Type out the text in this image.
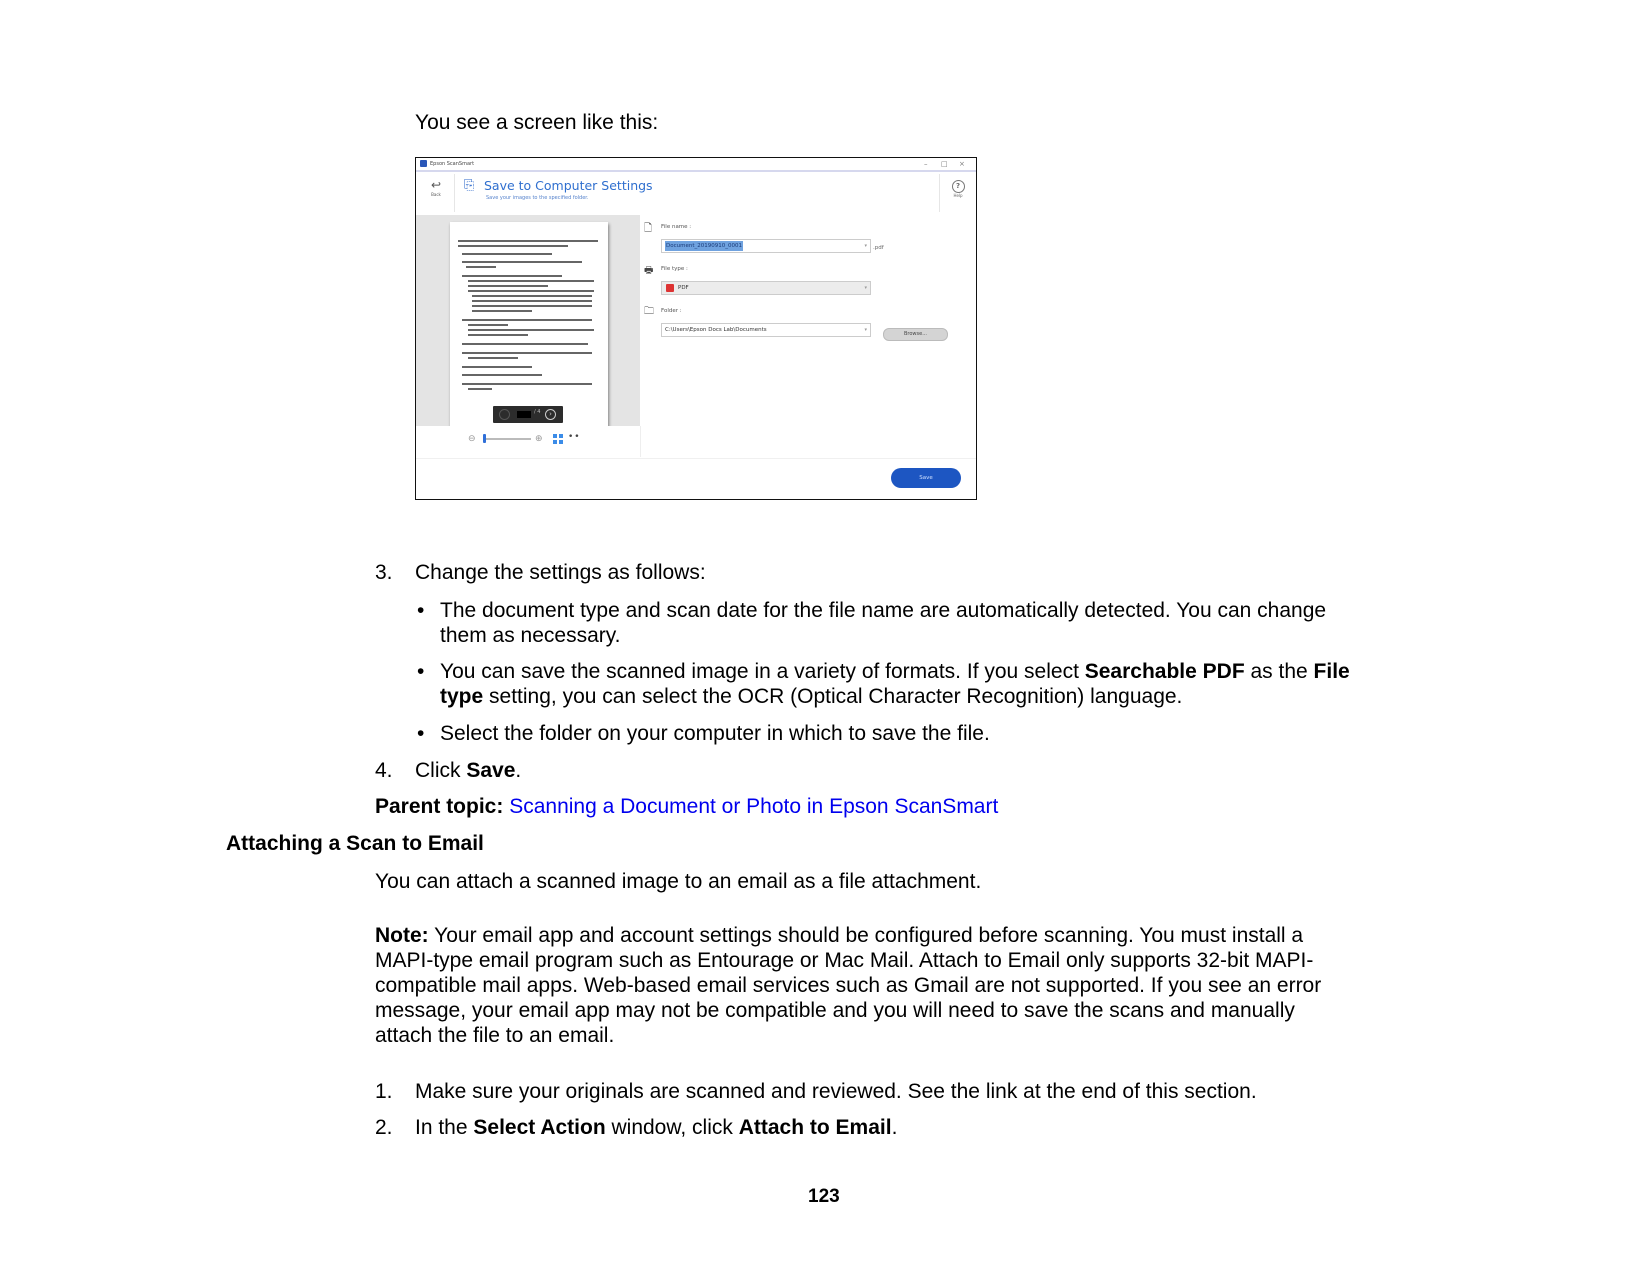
You see a screen like this:
Epson ScanSmart	– □ ×
↩
Back
⎘ Save to Computer Settings
Save your images to the specified folder.
?
Help
/ 4	›
⊖	⊕	••
🗋 File name :
Document_20190910_0001	▾ .pdf
🖶 File type :
PDF	▾
🗀 Folder :
C:\Users\Epson Docs Lab\Documents	▾
Browse...
Save
3. Change the settings as follows:
• The document type and scan date for the file name are automatically detected. You can change
them as necessary.
• You can save the scanned image in a variety of formats. If you select Searchable PDF as the File
type setting, you can select the OCR (Optical Character Recognition) language.
• Select the folder on your computer in which to save the file.
4. Click Save.
Parent topic: Scanning a Document or Photo in Epson ScanSmart
Attaching a Scan to Email
You can attach a scanned image to an email as a file attachment.
Note: Your email app and account settings should be configured before scanning. You must install a
MAPI-type email program such as Entourage or Mac Mail. Attach to Email only supports 32-bit MAPI-
compatible mail apps. Web-based email services such as Gmail are not supported. If you see an error
message, your email app may not be compatible and you will need to save the scans and manually
attach the file to an email.
1. Make sure your originals are scanned and reviewed. See the link at the end of this section.
2. In the Select Action window, click Attach to Email.
123
